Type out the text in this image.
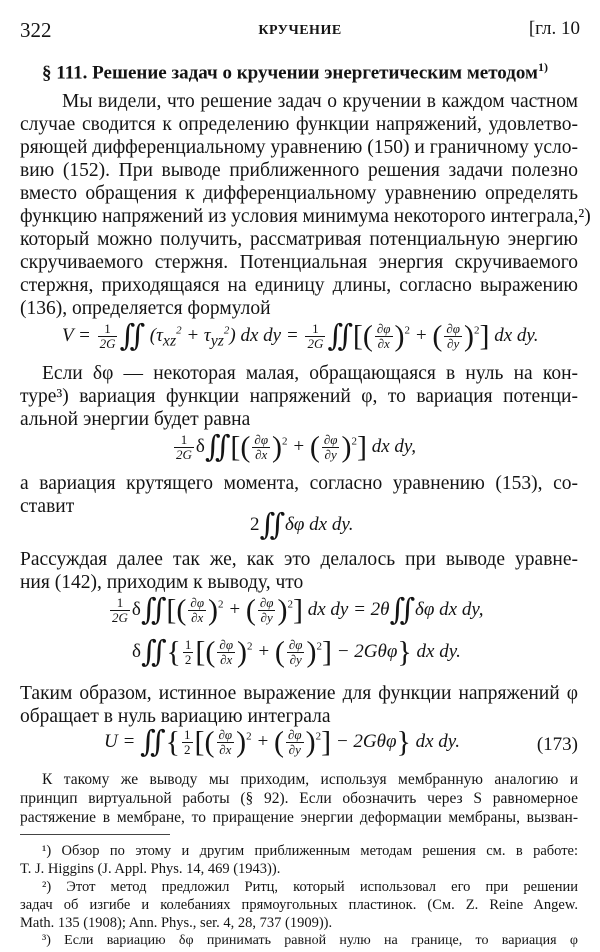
322	КРУЧЕНИЕ	[гл. 10
§ 111. Решение задач о кручении энергетическим методом$^{1)}$
Мы видели, что решение задач о кручении в каждом частном
случае сводится к определению функции напряжений, удовлетво-
ряющей дифференциальному уравнению (150) и граничному усло-
вию (152). При выводе приближенного решения задачи полезно
вместо обращения к дифференциальному уравнению определять
функцию напряжений из условия минимума некоторого интеграла,²)
который можно получить, рассматривая потенциальную энергию
скручиваемого стержня. Потенциальная энергия скручиваемого
стержня, приходящаяся на единицу длины, согласно выражению
(136), определяется формулой
$V = \frac{1}{2G}$ ∬ $(\tau_{xz}^2 + \tau_{yz}^2)$ dx dy = $\frac{1}{2G}$ ∬[( $\frac{\partial\varphi}{\partial x} )^2$ + ( $\frac{\partial\varphi}{\partial y} )^2$] dx dy.
Если δφ — некоторая малая, обращающаяся в нуль на кон-
туре³) вариация функции напряжений φ, то вариация потенци-
альной энергии будет равна
$\frac{1}{2G}$ δ∬[( $\frac{\partial\varphi}{\partial x} )^2$ + ( $\frac{\partial\varphi}{\partial y} )^2$] dx dy,
а вариация крутящего момента, согласно уравнению (153), со-
ставит
2∬δφ dx dy.
Рассуждая далее так же, как это делалось при выводе уравне-
ния (142), приходим к выводу, что
$\frac{1}{2G}$ δ∬[( $\frac{\partial\varphi}{\partial x} )^2$ + ( $\frac{\partial\varphi}{\partial y} )^2$] dx dy = 2θ∬δφ dx dy,
δ∬{ $\frac{1}{2}$ [( $\frac{\partial\varphi}{\partial x} )^2$ + ( $\frac{\partial\varphi}{\partial y} )^2] - 2G\theta\varphi$} dx dy.
Таким образом, истинное выражение для функции напряжений φ
обращает в нуль вариацию интеграла
U = ∬{ $\frac{1}{2}$ [( $\frac{\partial\varphi}{\partial x} )^2$ + ( $\frac{\partial\varphi}{\partial y} )^2] - 2G\theta\varphi$} dx dy.	(173)
К такому же выводу мы приходим, используя мембранную аналогию и
принцип виртуальной работы (§ 92). Если обозначить через S равномерное
растяжение в мембране, то приращение энергии деформации мембраны, вызван-
¹) Обзор по этому и другим приближенным методам решения см. в работе:
T. J. Higgins (J. Appl. Phys. 14, 469 (1943)).
²) Этот метод предложил Ритц, который использовал его при решении
задач об изгибе и колебаниях прямоугольных пластинок. (См. Z. Reine Angew.
Math. 135 (1908); Ann. Phys., ser. 4, 28, 737 (1909)).
³) Если вариацию δφ принимать равной нулю на границе, то вариация φ
